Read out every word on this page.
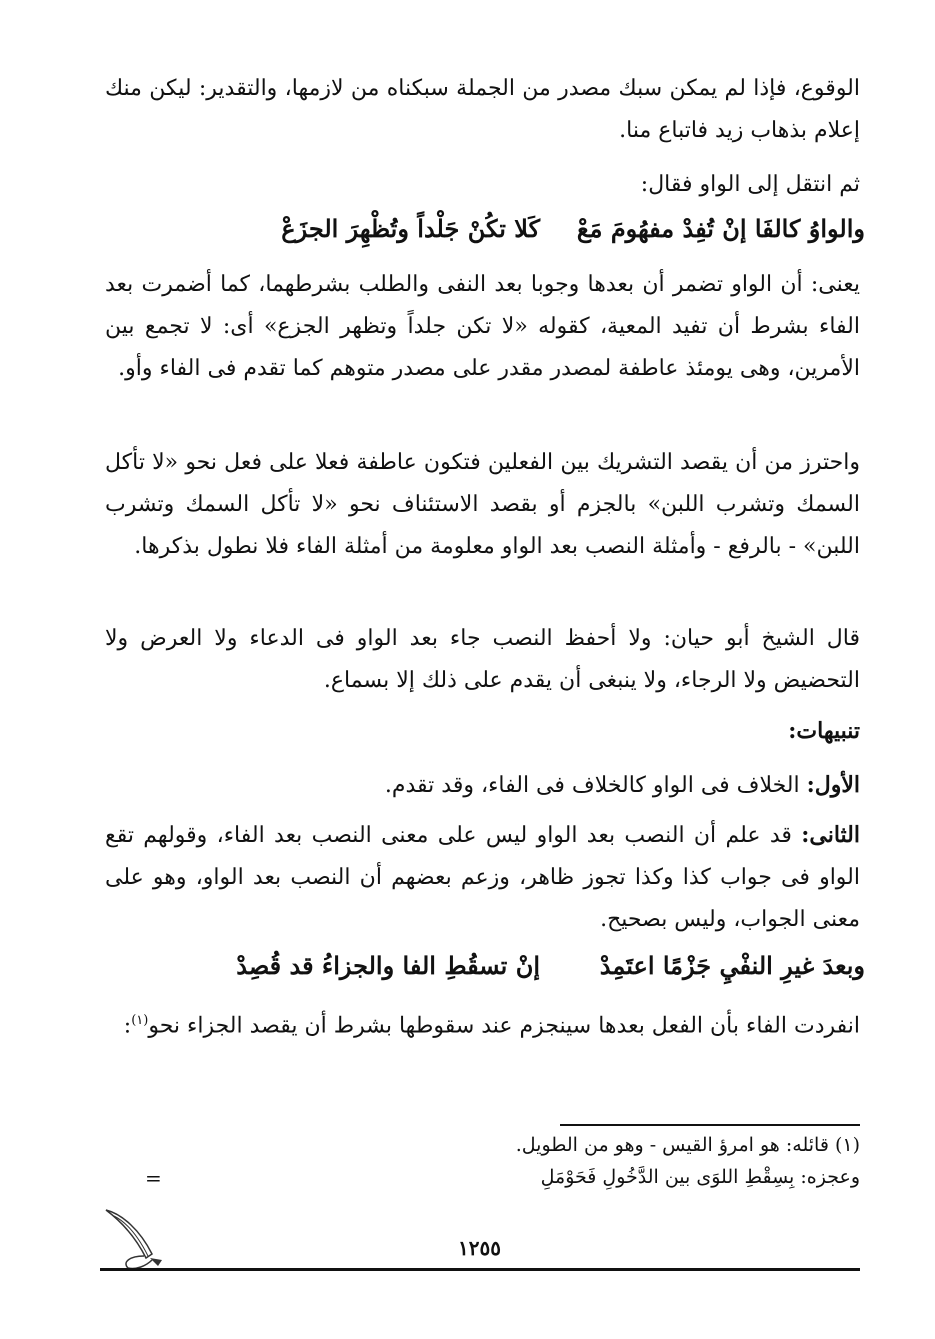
الوقوع، فإذا لم يمكن سبك مصدر من الجملة سبكناه من لازمها، والتقدير: ليكن منك إعلام بذهاب زيد فاتباع منا.
ثم انتقل إلى الواو فقال:
والواوُ كالفَا إنْ تُفِدْ مفهُومَ مَعْ
كَلا تكُنْ جَلْداً وتُظْهِرَ الجزَعْ
يعنى: أن الواو تضمر أن بعدها وجوبا بعد النفى والطلب بشرطهما، كما أضمرت بعد الفاء بشرط أن تفيد المعية، كقوله «لا تكن جلداً وتظهر الجزع» أى: لا تجمع بين الأمرين، وهى يومئذ عاطفة لمصدر مقدر على مصدر متوهم كما تقدم فى الفاء وأو.
واحترز من أن يقصد التشريك بين الفعلين فتكون عاطفة فعلا على فعل نحو «لا تأكل السمك وتشرب اللبن» بالجزم أو بقصد الاستئناف نحو «لا تأكل السمك وتشرب اللبن» - بالرفع - وأمثلة النصب بعد الواو معلومة من أمثلة الفاء فلا نطول بذكرها.
قال الشيخ أبو حيان: ولا أحفظ النصب جاء بعد الواو فى الدعاء ولا العرض ولا التحضيض ولا الرجاء، ولا ينبغى أن يقدم على ذلك إلا بسماع.
تنبيهات:
الأول: الخلاف فى الواو كالخلاف فى الفاء، وقد تقدم.
الثانى: قد علم أن النصب بعد الواو ليس على معنى النصب بعد الفاء، وقولهم تقع الواو فى جواب كذا وكذا تجوز ظاهر، وزعم بعضهم أن النصب بعد الواو، وهو على معنى الجواب، وليس بصحيح.
وبعدَ غيرِ النفْيِ جَزْمًا اعتَمِدْ
إنْ تسقُطِ الفا والجزاءُ قد قُصِدْ
انفردت الفاء بأن الفعل بعدها سينجزم عند سقوطها بشرط أن يقصد الجزاء نحو$^{(١)}$:
(١) قائله: هو امرؤ القيس - وهو من الطويل.
وعجزه: بِسِقْطِ اللوَى بين الدَّخُولِ فَحَوْمَلِ
=
١٢٥٥
